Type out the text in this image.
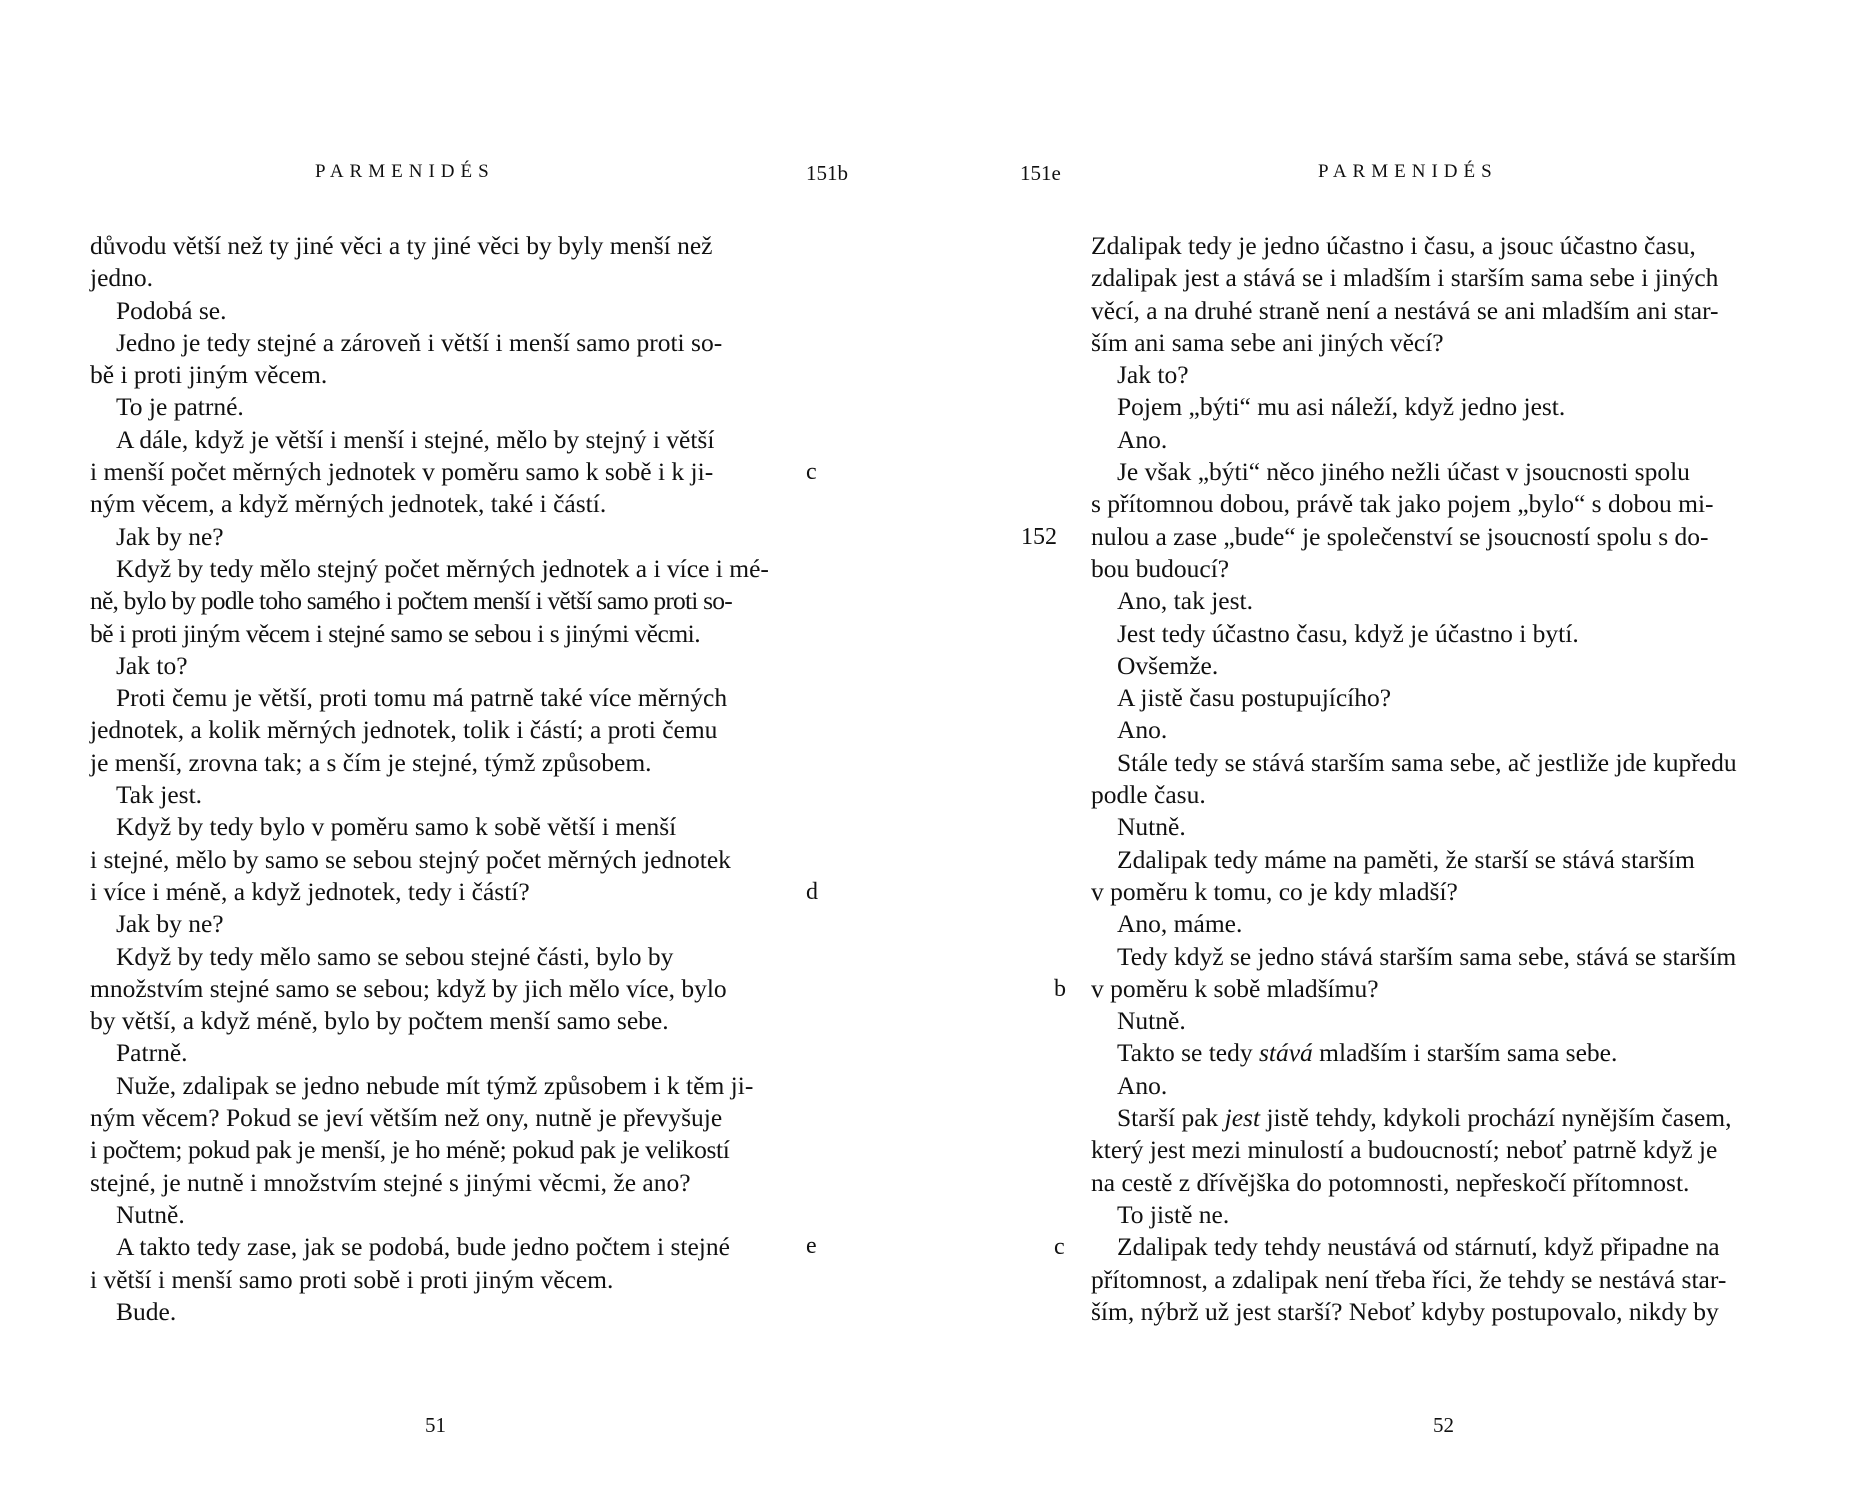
PARMENIDÉS	151b
důvodu větší než ty jiné věci a ty jiné věci by byly menší než
jedno.
Podobá se.
Jedno je tedy stejné a zároveň i větší i menší samo proti so-
bě i proti jiným věcem.
To je patrné.
A dále, když je větší i menší i stejné, mělo by stejný i větší
i menší počet měrných jednotek v poměru samo k sobě i k ji-
ným věcem, a když měrných jednotek, také i částí.
Jak by ne?
Když by tedy mělo stejný počet měrných jednotek a i více i mé-
ně, bylo by podle toho samého i počtem menší i větší samo proti so-
bě i proti jiným věcem i stejné samo se sebou i s jinými věcmi.
Jak to?
Proti čemu je větší, proti tomu má patrně také více měrných
jednotek, a kolik měrných jednotek, tolik i částí; a proti čemu
je menší, zrovna tak; a s čím je stejné, týmž způsobem.
Tak jest.
Když by tedy bylo v poměru samo k sobě větší i menší
i stejné, mělo by samo se sebou stejný počet měrných jednotek
i více i méně, a když jednotek, tedy i částí?
Jak by ne?
Když by tedy mělo samo se sebou stejné části, bylo by
množstvím stejné samo se sebou; když by jich mělo více, bylo
by větší, a když méně, bylo by počtem menší samo sebe.
Patrně.
Nuže, zdalipak se jedno nebude mít týmž způsobem i k těm ji-
ným věcem? Pokud se jeví větším než ony, nutně je převyšuje
i počtem; pokud pak je menší, je ho méně; pokud pak je velikostí
stejné, je nutně i množstvím stejné s jinými věcmi, že ano?
Nutně.
A takto tedy zase, jak se podobá, bude jedno počtem i stejné
i větší i menší samo proti sobě i proti jiným věcem.
Bude.
c
d
e
51
151e	PARMENIDÉS
Zdalipak tedy je jedno účastno i času, a jsouc účastno času,
zdalipak jest a stává se i mladším i starším sama sebe i jiných
věcí, a na druhé straně není a nestává se ani mladším ani star-
ším ani sama sebe ani jiných věcí?
Jak to?
Pojem „býti“ mu asi náleží, když jedno jest.
Ano.
Je však „býti“ něco jiného nežli účast v jsoucnosti spolu
s přítomnou dobou, právě tak jako pojem „bylo“ s dobou mi-
nulou a zase „bude“ je společenství se jsoucností spolu s do-
bou budoucí?
Ano, tak jest.
Jest tedy účastno času, když je účastno i bytí.
Ovšemže.
A jistě času postupujícího?
Ano.
Stále tedy se stává starším sama sebe, ač jestliže jde kupředu
podle času.
Nutně.
Zdalipak tedy máme na paměti, že starší se stává starším
v poměru k tomu, co je kdy mladší?
Ano, máme.
Tedy když se jedno stává starším sama sebe, stává se starším
v poměru k sobě mladšímu?
Nutně.
Takto se tedy stává mladším i starším sama sebe.
Ano.
Starší pak jest jistě tehdy, kdykoli prochází nynějším časem,
který jest mezi minulostí a budoucností; neboť patrně když je
na cestě z dřívějška do potomnosti, nepřeskočí přítomnost.
To jistě ne.
Zdalipak tedy tehdy neustává od stárnutí, když připadne na
přítomnost, a zdalipak není třeba říci, že tehdy se nestává star-
ším, nýbrž už jest starší? Neboť kdyby postupovalo, nikdy by
152
b
c
52
